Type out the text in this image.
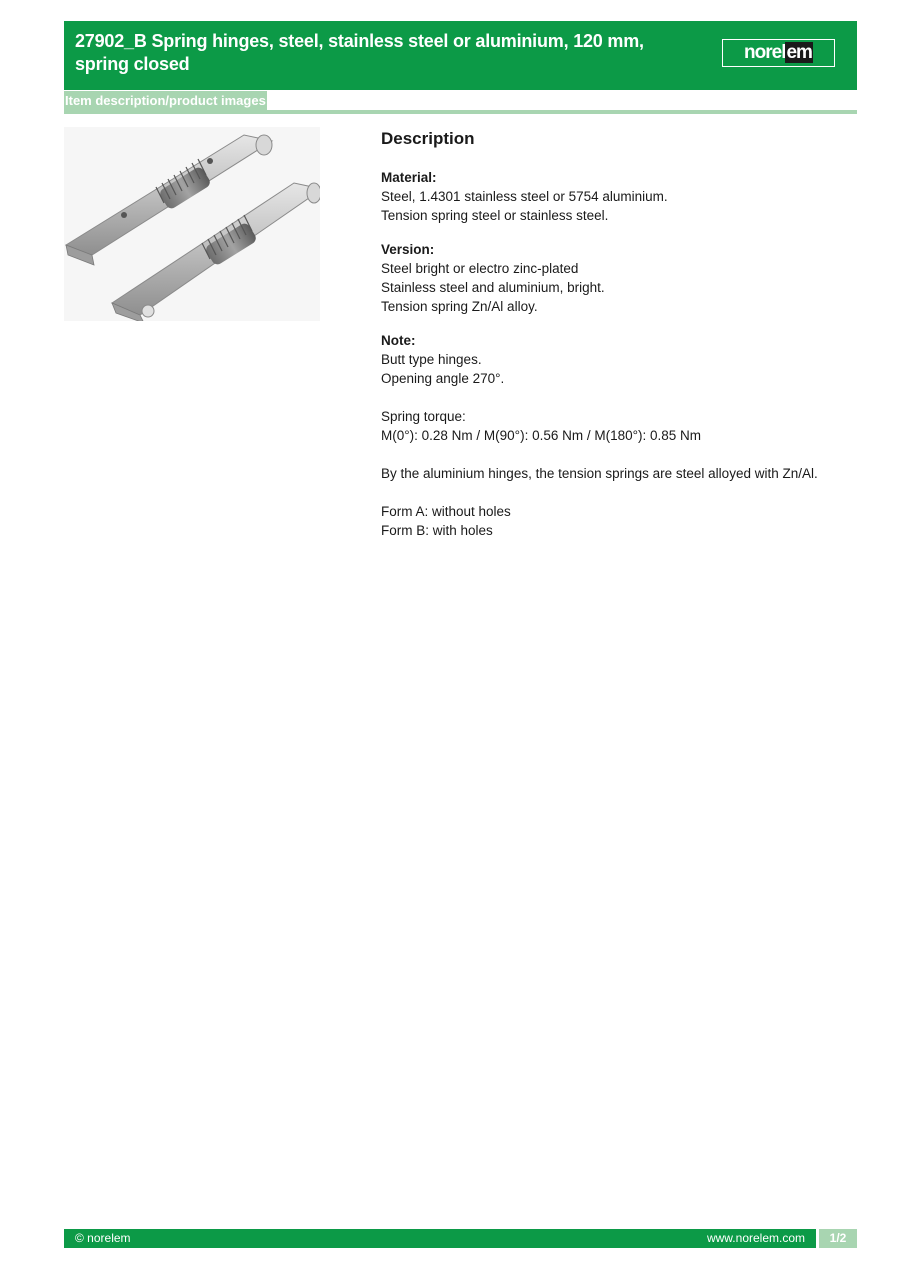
27902_B Spring hinges, steel, stainless steel or aluminium, 120 mm, spring closed
norelem
Item description/product images
Description
Material:
Steel, 1.4301 stainless steel or 5754 aluminium.
Tension spring steel or stainless steel.
Version:
Steel bright or electro zinc-plated
Stainless steel and aluminium, bright.
Tension spring Zn/Al alloy.
Note:
Butt type hinges.
Opening angle 270°.
Spring torque:
M(0°): 0.28 Nm / M(90°): 0.56 Nm / M(180°): 0.85 Nm
By the aluminium hinges, the tension springs are steel alloyed with Zn/Al.
Form A: without holes
Form B: with holes
© norelem	www.norelem.com	1/2
